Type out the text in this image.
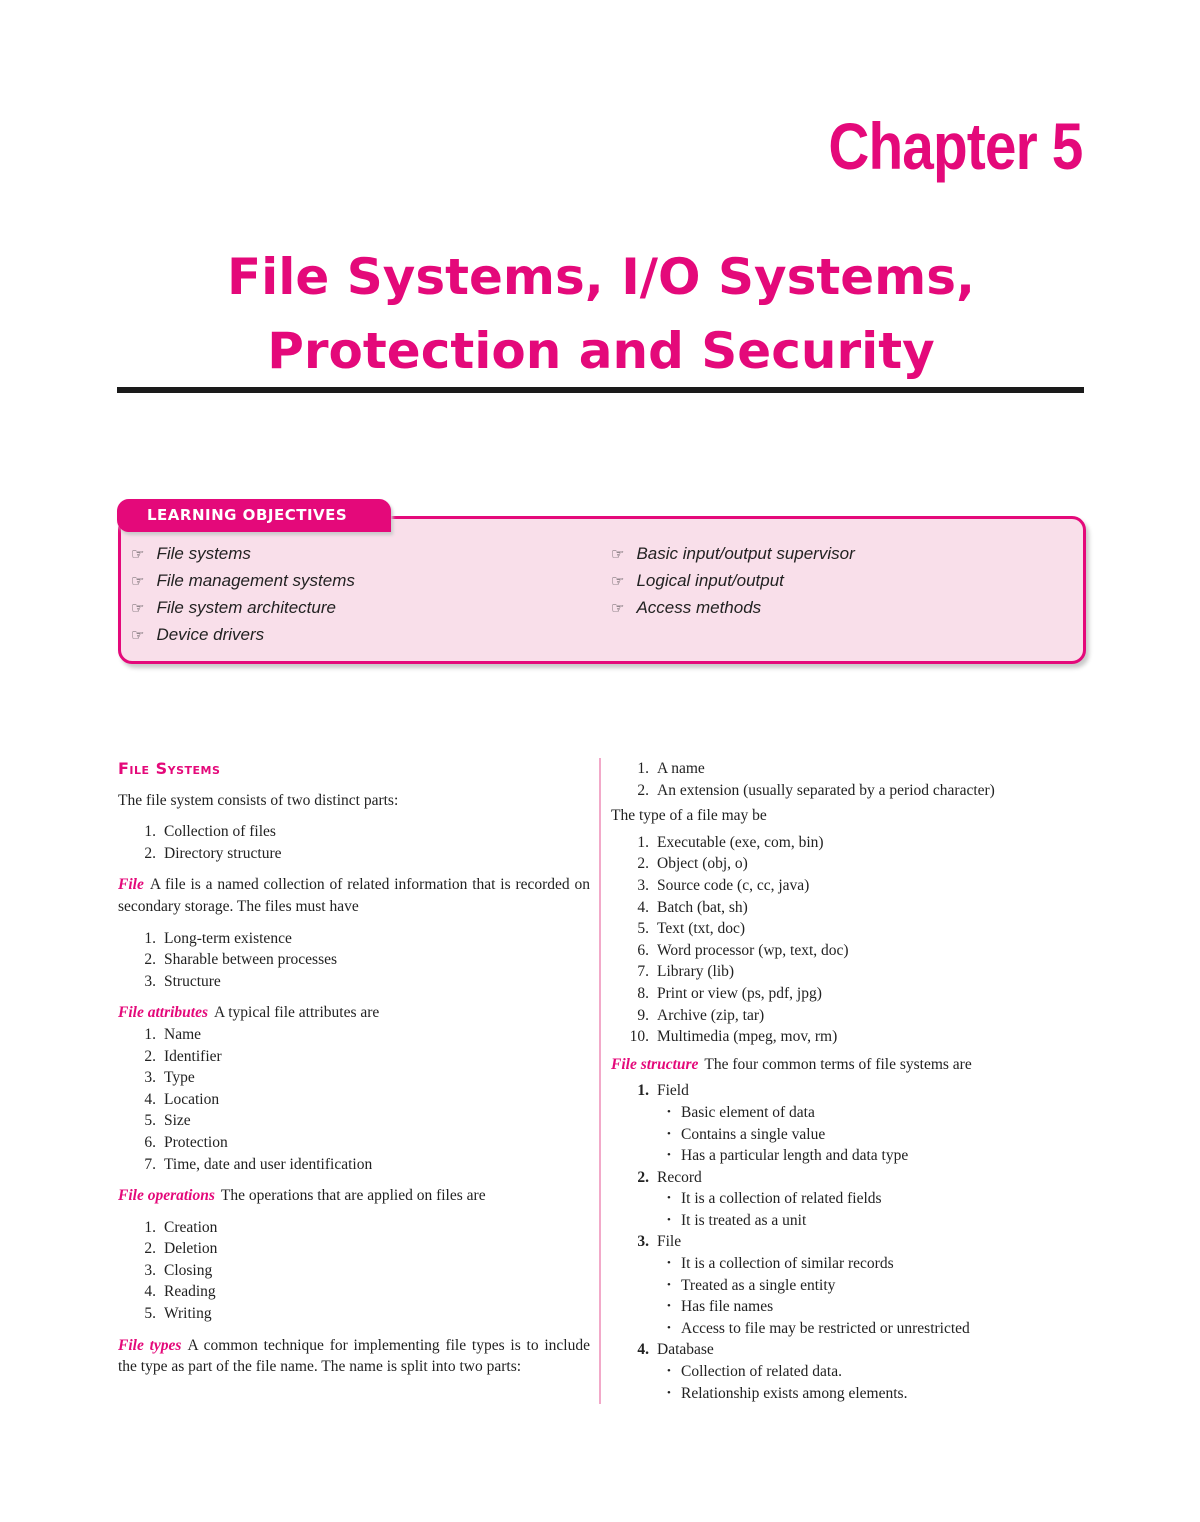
Chapter 5
File Systems, I/O Systems,
Protection and Security
LEARNING OBJECTIVES
☞ File systems
☞ File management systems
☞ File system architecture
☞ Device drivers
☞ Basic input/output supervisor
☞ Logical input/output
☞ Access methods

File Systems

The file system consists of two distinct parts:

1. Collection of files
2. Directory structure

File A file is a named collection of related information that is recorded on secondary storage. The files must have

1. Long-term existence
2. Sharable between processes
3. Structure

File attributes A typical file attributes are

1. Name
2. Identifier
3. Type
4. Location
5. Size
6. Protection
7. Time, date and user identification

File operations The operations that are applied on files are

1. Creation
2. Deletion
3. Closing
4. Reading
5. Writing

File types A common technique for implementing file types is to include the type as part of the file name. The name is split into two parts:

1. A name
2. An extension (usually separated by a period character)

The type of a file may be

1. Executable (exe, com, bin)
2. Object (obj, o)
3. Source code (c, cc, java)
4. Batch (bat, sh)
5. Text (txt, doc)
6. Word processor (wp, text, doc)
7. Library (lib)
8. Print or view (ps, pdf, jpg)
9. Archive (zip, tar)
10. Multimedia (mpeg, mov, rm)

File structure The four common terms of file systems are

1. Field
• Basic element of data
• Contains a single value
• Has a particular length and data type
2. Record
• It is a collection of related fields
• It is treated as a unit
3. File
• It is a collection of similar records
• Treated as a single entity
• Has file names
• Access to file may be restricted or unrestricted
4. Database
• Collection of related data.
• Relationship exists among elements.
